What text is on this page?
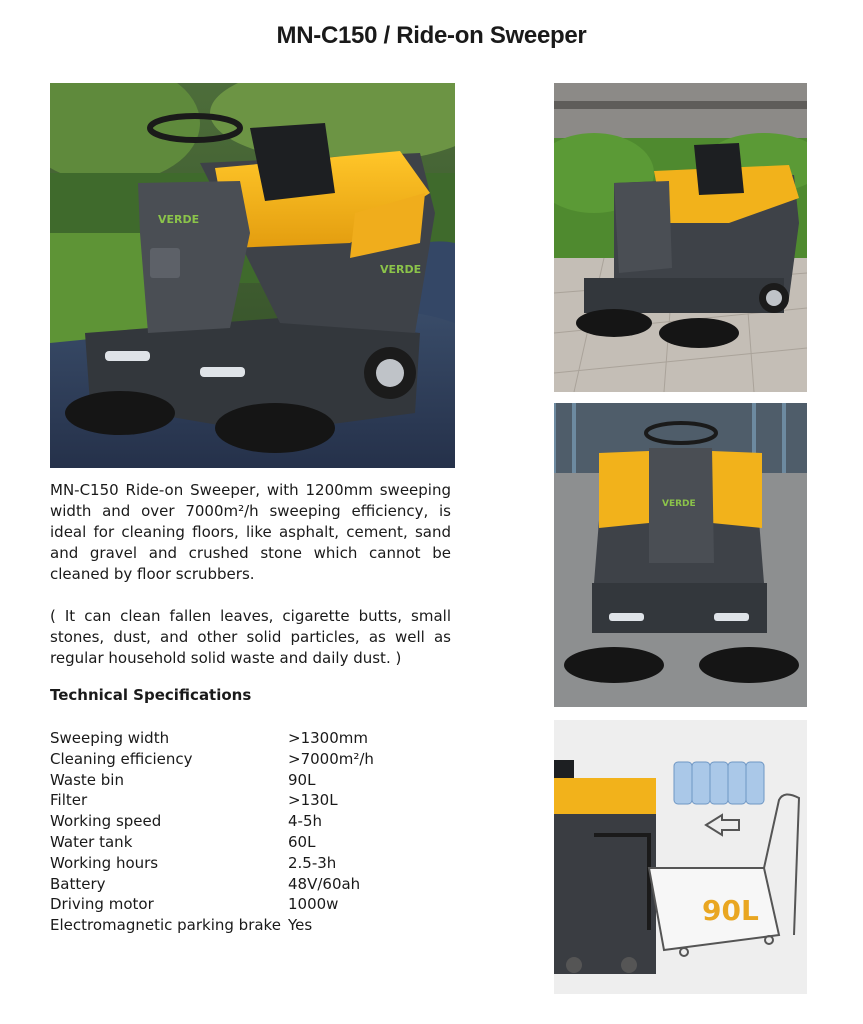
MN-C150 / Ride-on Sweeper
VERDE
VERDE
VERDE
90L

MN-C150 Ride-on Sweeper, with 1200mm sweeping width and over 7000m²/h sweeping efficiency, is ideal for cleaning floors, like asphalt, cement, sand and gravel and crushed stone which cannot be cleaned by floor scrubbers.

( It can clean fallen leaves, cigarette butts, small stones, dust, and other solid particles, as well as regular household solid waste and daily dust. )

Technical Specifications
Sweeping width	>1300mm
Cleaning efficiency	>7000m²/h
Waste bin	90L
Filter	>130L
Working speed	4-5h
Water tank	60L
Working hours	2.5-3h
Battery	48V/60ah
Driving motor	1000w
Electromagnetic parking brake Yes
